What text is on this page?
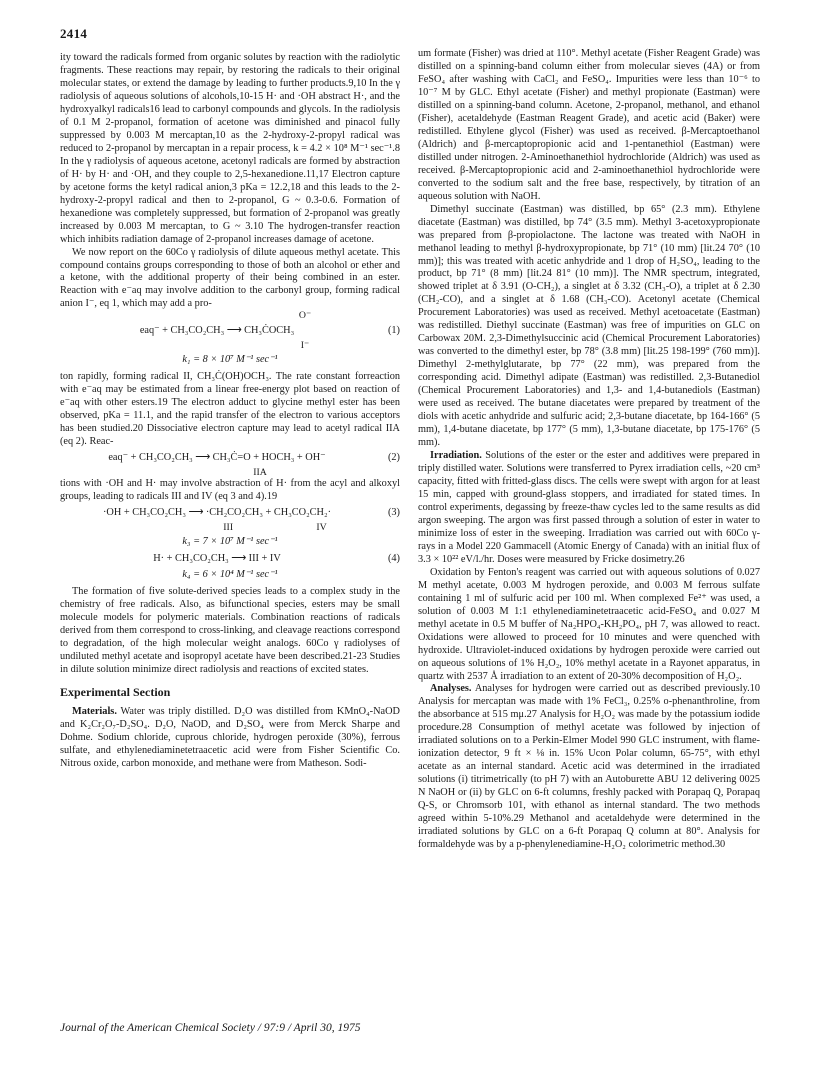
2414

ity toward the radicals formed from organic solutes by reaction with the radiolytic fragments. These reactions may repair, by restoring the radicals to their original molecular states, or extend the damage by leading to further products.9,10 In the γ radiolysis of aqueous solutions of alcohols,10-15 H· and ·OH abstract H·, and the hydroxyalkyl radicals16 lead to carbonyl compounds and glycols. In the radiolysis of 0.1 M 2-propanol, formation of acetone was diminished and pinacol fully suppressed by 0.003 M mercaptan,10 as the 2-hydroxy-2-propyl radical was reduced to 2-propanol by mercaptan in a repair process, k = 4.2 × 10⁸ M⁻¹ sec⁻¹.8 In the γ radiolysis of aqueous acetone, acetonyl radicals are formed by abstraction of H· by H· and ·OH, and they couple to 2,5-hexanedione.11,17 Electron capture by acetone forms the ketyl radical anion,3 pKa = 12.2,18 and this leads to the 2-hydroxy-2-propyl radical and then to 2-propanol, G ~ 0.3-0.6. Formation of hexanedione was completely suppressed, but formation of 2-propanol was greatly increased by 0.003 M mercaptan, to G ~ 3.10 The hydrogen-transfer reaction which inhibits radiation damage of 2-propanol increases damage of acetone.

We now report on the 60Co γ radiolysis of dilute aqueous methyl acetate. This compound contains groups corresponding to those of both an alcohol or ether and a ketone, with the additional property of their being combined in an ester. Reaction with e⁻aq may involve addition to the carbonyl group, forming radical anion I⁻, eq 1, which may add a pro-

O⁻
eaq⁻ + CH₃CO₂CH₃ ⟶ CH₃ĊOCH₃	(1)
I⁻
k₁ = 8 × 10⁷ M⁻¹ sec⁻¹

ton rapidly, forming radical II, CH₃Ċ(OH)OCH₃. The rate constant forreaction with e⁻aq may be estimated from a linear free-energy plot based on reaction of e⁻aq with other esters.19 The electron adduct to glycine methyl ester has been observed, pKa = 11.1, and the rapid transfer of the electron to various acceptors has been studied.20 Dissociative electron capture may lead to acetyl radical IIA (eq 2). Reac-

eaq⁻ + CH₃CO₂CH₃ ⟶ CH₃Ċ=O + HOCH₃ + OH⁻	(2)
IIA

tions with ·OH and H· may involve abstraction of H· from the acyl and alkoxyl groups, leading to radicals III and IV (eq 3 and 4).19

·OH + CH₃CO₂CH₃ ⟶ ·CH₂CO₂CH₃ + CH₃CO₂CH₂·	(3)
III                                  IV
k₃ = 7 × 10⁷ M⁻¹ sec⁻¹
H· + CH₃CO₂CH₃ ⟶ III + IV	(4)
k₄ = 6 × 10⁴ M⁻¹ sec⁻¹

The formation of five solute-derived species leads to a complex study in the chemistry of free radicals. Also, as bifunctional species, esters may be small molecule models for polymeric materials. Combination reactions of radicals derived from them correspond to cross-linking, and cleavage reactions correspond to degradation, of the high molecular weight analogs. 60Co γ radiolyses of undiluted methyl acetate and isopropyl acetate have been described.21-23 Studies in dilute solution minimize direct radiolysis and reactions of excited states.

Experimental Section

Materials. Water was triply distilled. D₂O was distilled from KMnO₄-NaOD and K₂Cr₂O₇-D₂SO₄. D₂O, NaOD, and D₂SO₄ were from Merck Sharpe and Dohme. Sodium chloride, cuprous chloride, hydrogen peroxide (30%), ferrous sulfate, and ethylenediaminetetraacetic acid were from Fisher Scientific Co. Nitrous oxide, carbon monoxide, and methane were from Matheson. Sodi-

um formate (Fisher) was dried at 110°. Methyl acetate (Fisher Reagent Grade) was distilled on a spinning-band column either from molecular sieves (4A) or from FeSO₄ after washing with CaCl₂ and FeSO₄. Impurities were less than 10⁻⁶ to 10⁻⁷ M by GLC. Ethyl acetate (Fisher) and methyl propionate (Eastman) were distilled on a spinning-band column. Acetone, 2-propanol, methanol, and ethanol (Fisher), acetaldehyde (Eastman Reagent Grade), and acetic acid (Baker) were redistilled. Ethylene glycol (Fisher) was used as received. β-Mercaptoethanol (Aldrich) and β-mercaptopropionic acid and 1-pentanethiol (Eastman) were distilled under nitrogen. 2-Aminoethanethiol hydrochloride (Aldrich) was used as received. β-Mercaptopropionic acid and 2-aminoethanethiol hydrochloride were converted to the sodium salt and the free base, respectively, by titration of an aqueous solution with NaOH.

Dimethyl succinate (Eastman) was distilled, bp 65° (2.3 mm). Ethylene diacetate (Eastman) was distilled, bp 74° (3.5 mm). Methyl 3-acetoxypropionate was prepared from β-propiolactone. The lactone was treated with NaOH in methanol leading to methyl β-hydroxypropionate, bp 71° (10 mm) [lit.24 70° (10 mm)]; this was treated with acetic anhydride and 1 drop of H₂SO₄, leading to the product, bp 71° (8 mm) [lit.24 81° (10 mm)]. The NMR spectrum, integrated, showed triplet at δ 3.91 (O-CH₂), a singlet at δ 3.32 (CH₃-O), a triplet at δ 2.30 (CH₂-CO), and a singlet at δ 1.68 (CH₃-CO). Acetonyl acetate (Chemical Procurement Laboratories) was used as received. Methyl acetoacetate (Eastman) was redistilled. Diethyl succinate (Eastman) was free of impurities on GLC on Carbowax 20M. 2,3-Dimethylsuccinic acid (Chemical Procurement Laboratories) was converted to the dimethyl ester, bp 78° (3.8 mm) [lit.25 198-199° (760 mm)]. Dimethyl 2-methylglutarate, bp 77° (22 mm), was prepared from the corresponding acid. Dimethyl adipate (Eastman) was redistilled. 2,3-Butanediol (Chemical Procurement Laboratories) and 1,3- and 1,4-butanediols (Eastman) were used as received. The butane diacetates were prepared by treatment of the diols with acetic anhydride and sulfuric acid; 2,3-butane diacetate, bp 164-166° (5 mm), 1,4-butane diacetate, bp 177° (5 mm), 1,3-butane diacetate, bp 175-176° (5 mm).

Irradiation. Solutions of the ester or the ester and additives were prepared in triply distilled water. Solutions were transferred to Pyrex irradiation cells, ~20 cm³ capacity, fitted with fritted-glass discs. The cells were swept with argon for at least 15 min, capped with ground-glass stoppers, and irradiated for stated times. In control experiments, degassing by freeze-thaw cycles led to the same results as did argon sweeping. The argon was first passed through a solution of ester in water to minimize loss of ester in the sweeping. Irradiation was carried out with 60Co γ-rays in a Model 220 Gammacell (Atomic Energy of Canada) with an initial flux of 3.3 × 10²² eV/l./hr. Doses were measured by Fricke dosimetry.26

Oxidation by Fenton's reagent was carried out with aqueous solutions of 0.027 M methyl acetate, 0.003 M hydrogen peroxide, and 0.003 M ferrous sulfate containing 1 ml of sulfuric acid per 100 ml. When complexed Fe²⁺ was used, a solution of 0.003 M 1:1 ethylenediaminetetraacetic acid-FeSO₄ and 0.027 M methyl acetate in 0.5 M buffer of Na₂HPO₄-KH₂PO₄, pH 7, was allowed to react. Oxidations were allowed to proceed for 10 minutes and were quenched with hydroxide. Ultraviolet-induced oxidations by hydrogen peroxide were carried out on aqueous solutions of 1% H₂O₂, 10% methyl acetate in a Rayonet apparatus, in quartz with 2537 Å irradiation to an extent of 20-30% decomposition of H₂O₂.

Analyses. Analyses for hydrogen were carried out as described previously.10 Analysis for mercaptan was made with 1% FeCl₃, 0.25% o-phenanthroline, from the absorbance at 515 mμ.27 Analysis for H₂O₂ was made by the potassium iodide procedure.28 Consumption of methyl acetate was followed by injection of irradiated solutions on to a Perkin-Elmer Model 990 GLC instrument, with flame-ionization detector, 9 ft × ⅛ in. 15% Ucon Polar column, 65-75°, with ethyl acetate as an internal standard. Acetic acid was determined in the irradiated solutions (i) titrimetrically (to pH 7) with an Autoburette ABU 12 delivering 0025 N NaOH or (ii) by GLC on 6-ft columns, freshly packed with Porapaq Q, Porapaq Q-S, or Chromsorb 101, with ethanol as internal standard. The two methods agreed within 5-10%.29 Methanol and acetaldehyde were determined in the irradiated solutions by GLC on a 6-ft Porapaq Q column at 80°. Analysis for formaldehyde was by a p-phenylenediamine-H₂O₂ colorimetric method.30

Journal of the American Chemical Society / 97:9 / April 30, 1975
